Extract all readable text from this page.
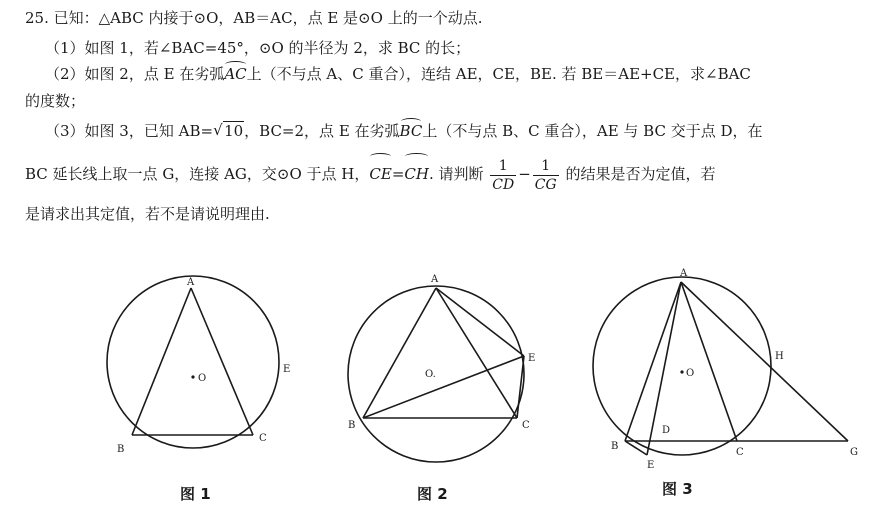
25. 已知：△ABC 内接于⊙O，AB＝AC，点 E 是⊙O 上的一个动点.
（1）如图 1，若∠BAC=45°，⊙O 的半径为 2，求 BC 的长；
（2）如图 2，点 E 在劣弧AC上（不与点 A、C 重合），连结 AE，CE，BE. 若 BE＝AE+CE，求∠BAC
的度数；
（3）如图 3，已知 AB=√ 10，BC=2，点 E 在劣弧BC上（不与点 B、C 重合），AE 与 BC 交于点 D，在
BC 延长线上取一点 G，连接 AG，交⊙O 于点 H，CE=CH. 请判断 $\frac{1}{CD} - \frac{1}{CG}$ 的结果是否为定值，若
是请求出其定值，若不是请说明理由.
A
B
C
E
O
A
B	C
E
O.
A
B
C
D
E
G
H
O
图 1	图 2	图 3
